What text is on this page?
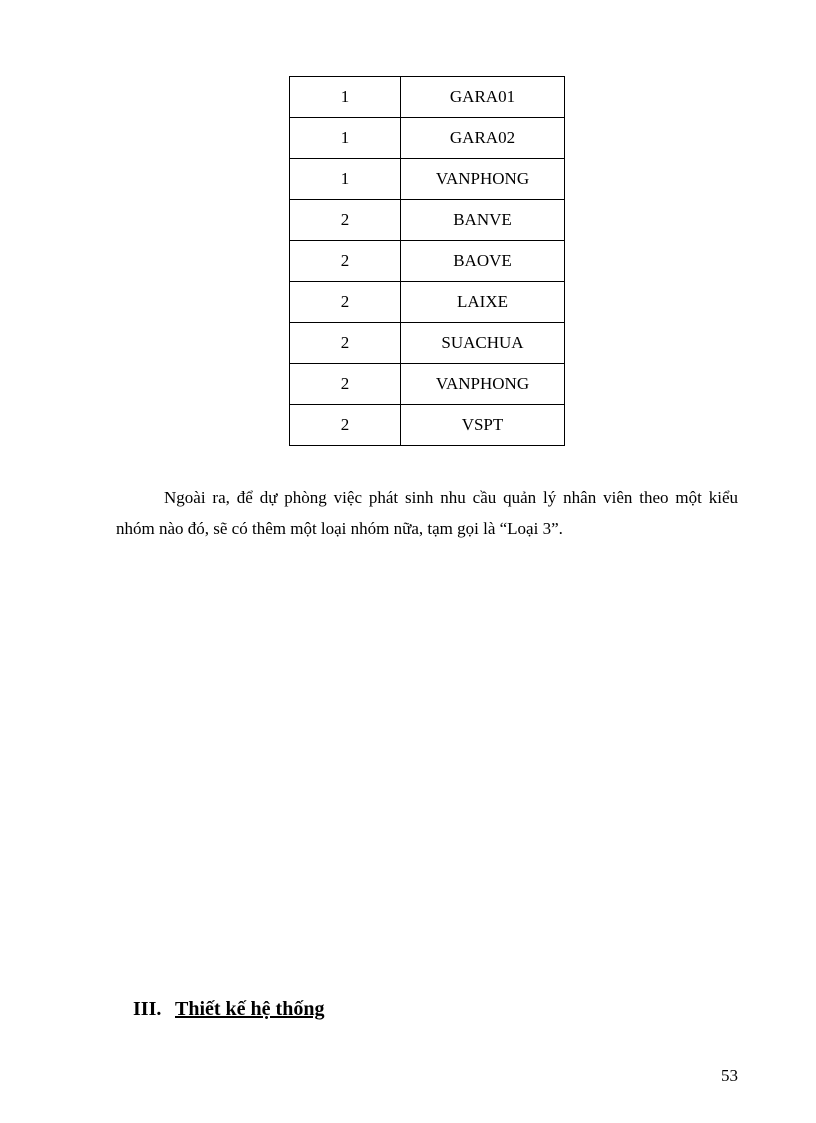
1	GARA01
1	GARA02
1	VANPHONG
2	BANVE
2	BAOVE
2	LAIXE
2	SUACHUA
2	VANPHONG
2	VSPT

Ngoài ra, để dự phòng việc phát sinh nhu cầu quản lý nhân viên theo một kiểu nhóm nào đó, sẽ có thêm một loại nhóm nữa, tạm gọi là “Loại 3”.

III. Thiết kế hệ thống
53
